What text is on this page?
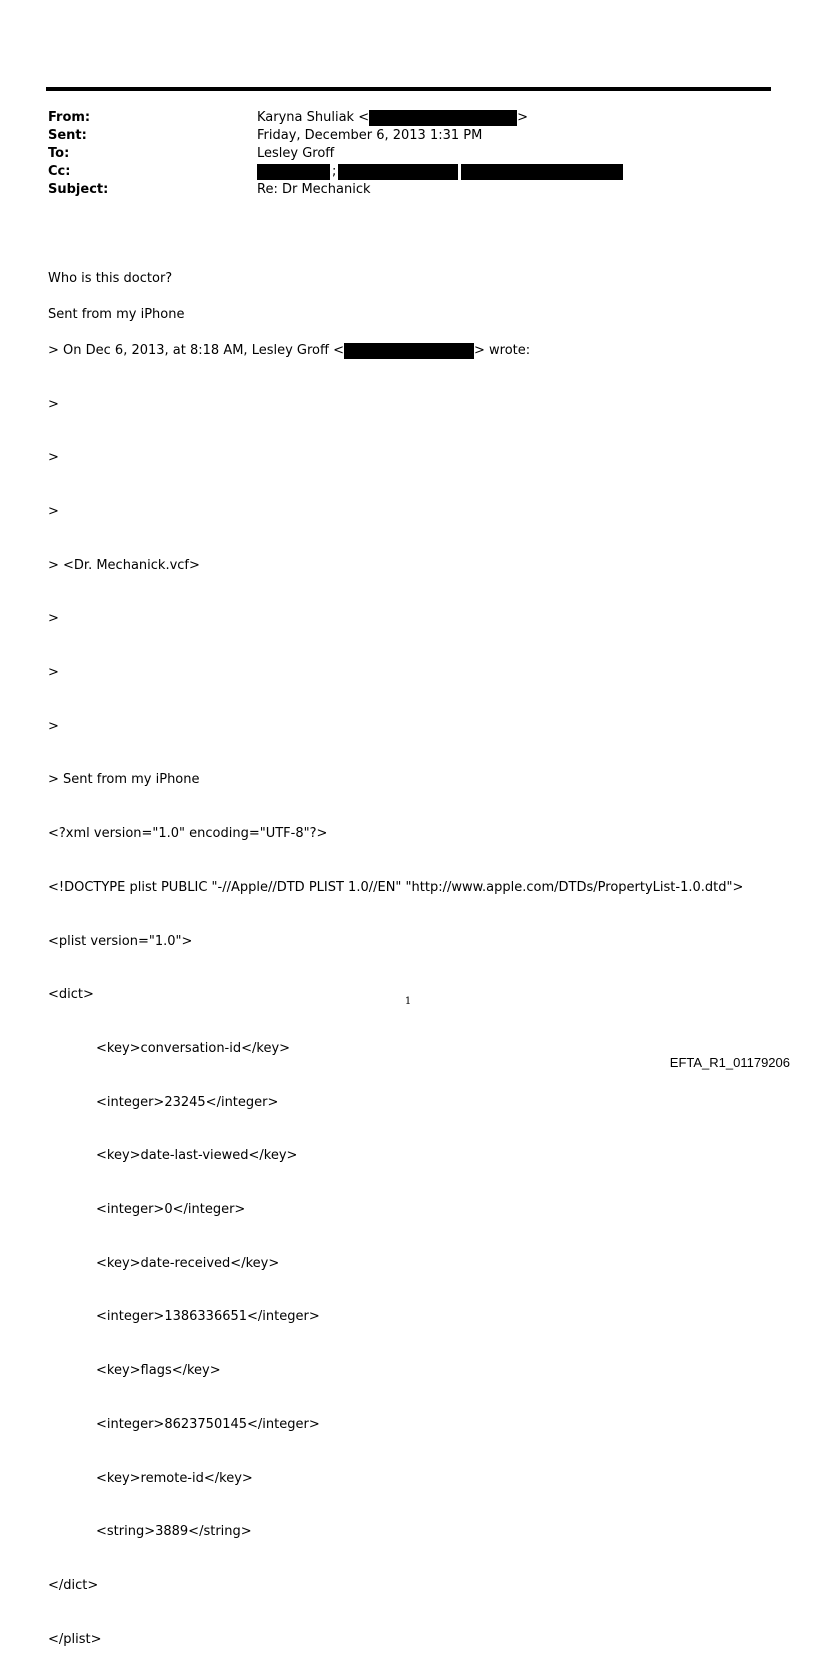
From:	Karyna Shuliak <	>
Sent:	Friday, December 6, 2013 1:31 PM
To:	Lesley Groff
Cc:	;
Subject:	Re: Dr Mechanick

Who is this doctor?

Sent from my iPhone

> On Dec 6, 2013, at 8:18 AM, Lesley Groff <	> wrote:

>

>

>

> <Dr. Mechanick.vcf>

>

>

>

> Sent from my iPhone

<?xml version="1.0" encoding="UTF-8"?>

<!DOCTYPE plist PUBLIC "-//Apple//DTD PLIST 1.0//EN" "http://www.apple.com/DTDs/PropertyList-1.0.dtd">

<plist version="1.0">

<dict>

<key>conversation-id</key>

<integer>23245</integer>

<key>date-last-viewed</key>

<integer>0</integer>

<key>date-received</key>

<integer>1386336651</integer>

<key>flags</key>

<integer>8623750145</integer>

<key>remote-id</key>

<string>3889</string>

</dict>

</plist>

1
EFTA_R1_01179206
